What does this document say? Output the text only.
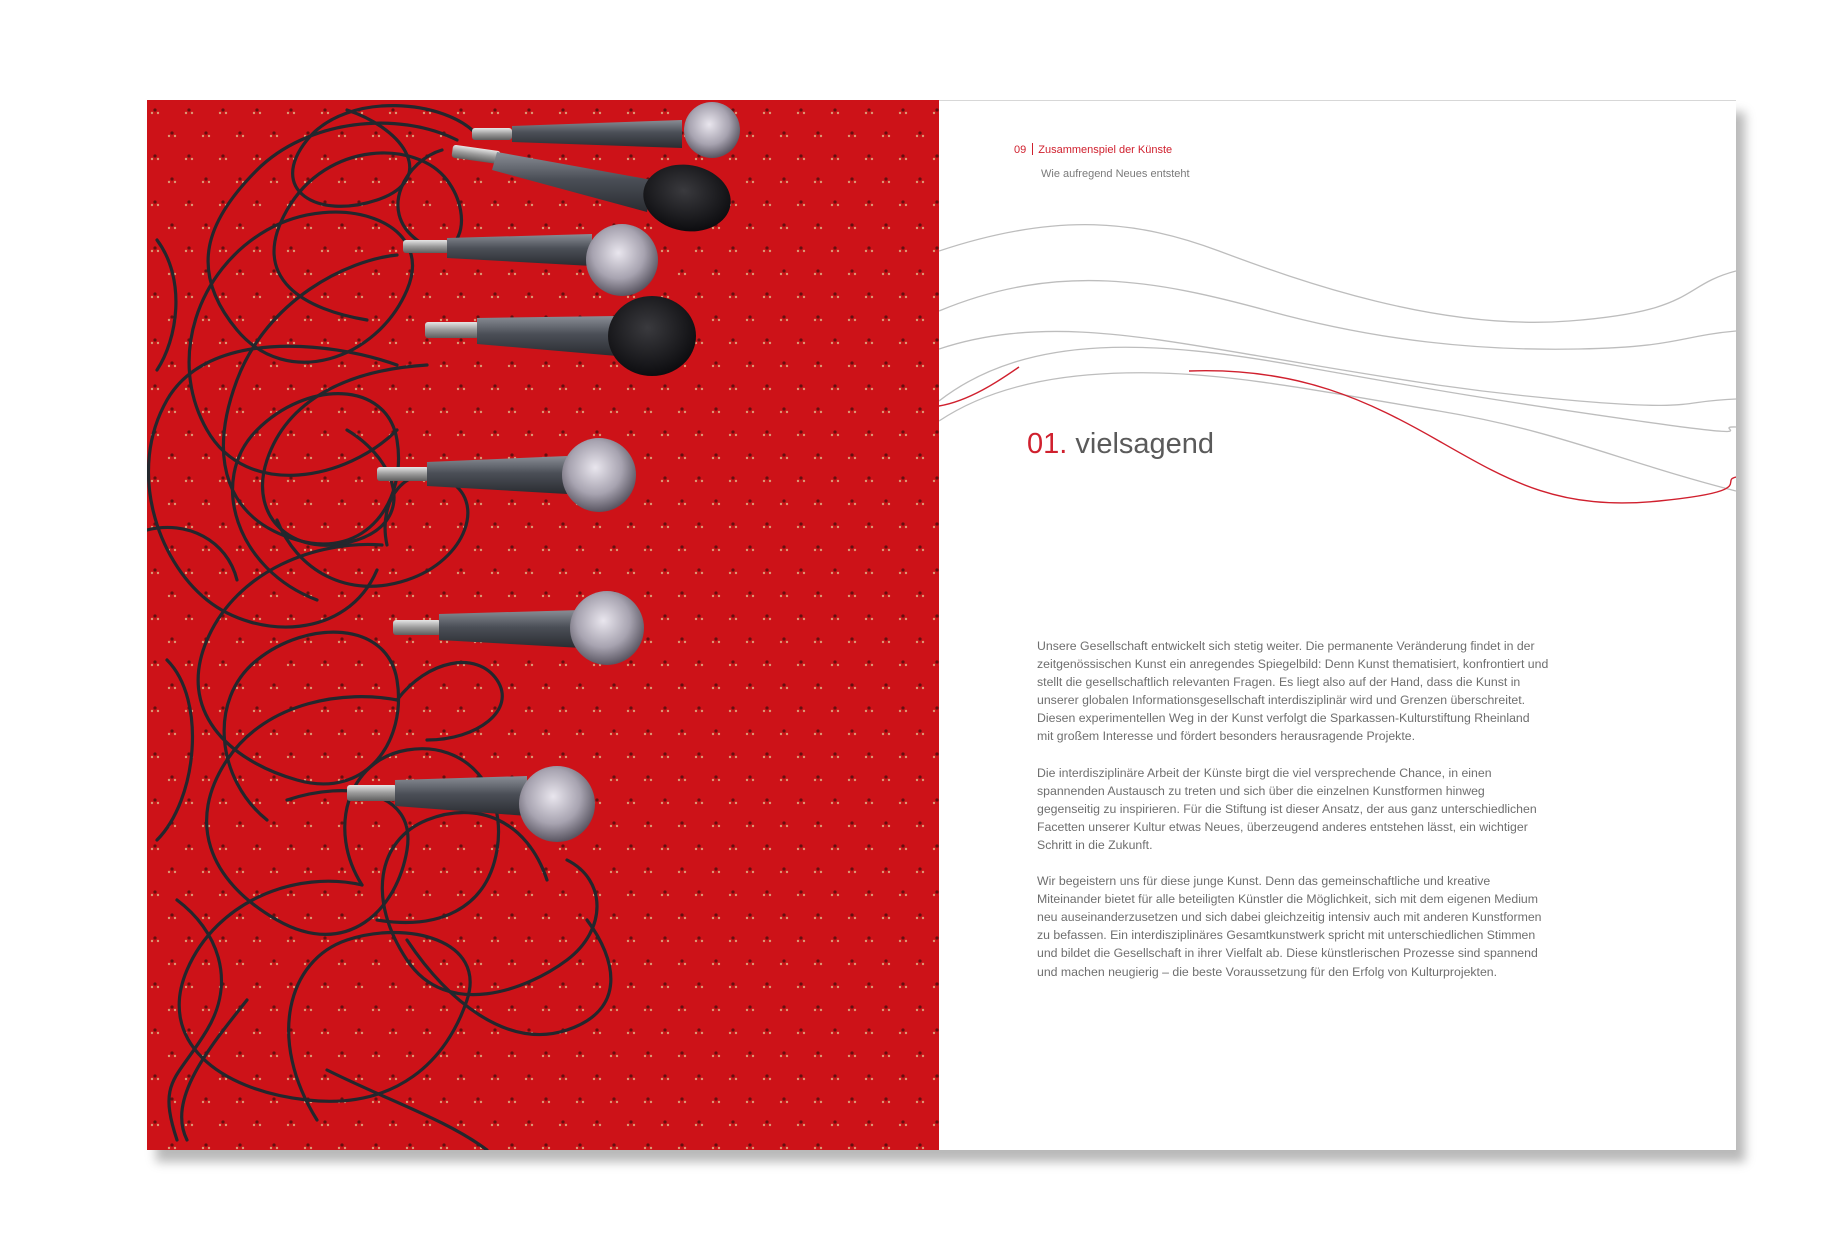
09 Zusammenspiel der Künste
Wie aufregend Neues entsteht
01. vielsagend

Unsere Gesellschaft entwickelt sich stetig weiter. Die permanente Veränderung findet in der zeitgenössischen Kunst ein anregendes Spiegelbild: Denn Kunst thematisiert, konfrontiert und stellt die gesellschaftlich relevanten Fragen. Es liegt also auf der Hand, dass die Kunst in unserer globalen Informationsgesellschaft interdisziplinär wird und Grenzen überschreitet. Diesen experimentellen Weg in der Kunst verfolgt die Sparkassen-Kulturstiftung Rheinland mit großem Interesse und fördert besonders herausragende Projekte.

Die interdisziplinäre Arbeit der Künste birgt die viel versprechende Chance, in einen spannenden Austausch zu treten und sich über die einzelnen Kunstformen hinweg gegenseitig zu inspirieren. Für die Stiftung ist dieser Ansatz, der aus ganz unterschiedlichen Facetten unserer Kultur etwas Neues, überzeugend anderes entstehen lässt, ein wichtiger Schritt in die Zukunft.

Wir begeistern uns für diese junge Kunst. Denn das gemeinschaftliche und kreative Miteinander bietet für alle beteiligten Künstler die Möglichkeit, sich mit dem eigenen Medium neu auseinanderzusetzen und sich dabei gleichzeitig intensiv auch mit anderen Kunstformen zu befassen. Ein interdisziplinäres Gesamtkunstwerk spricht mit unterschiedlichen Stimmen und bildet die Gesellschaft in ihrer Vielfalt ab. Diese künstlerischen Prozesse sind spannend und machen neugierig – die beste Voraussetzung für den Erfolg von Kulturprojekten.
